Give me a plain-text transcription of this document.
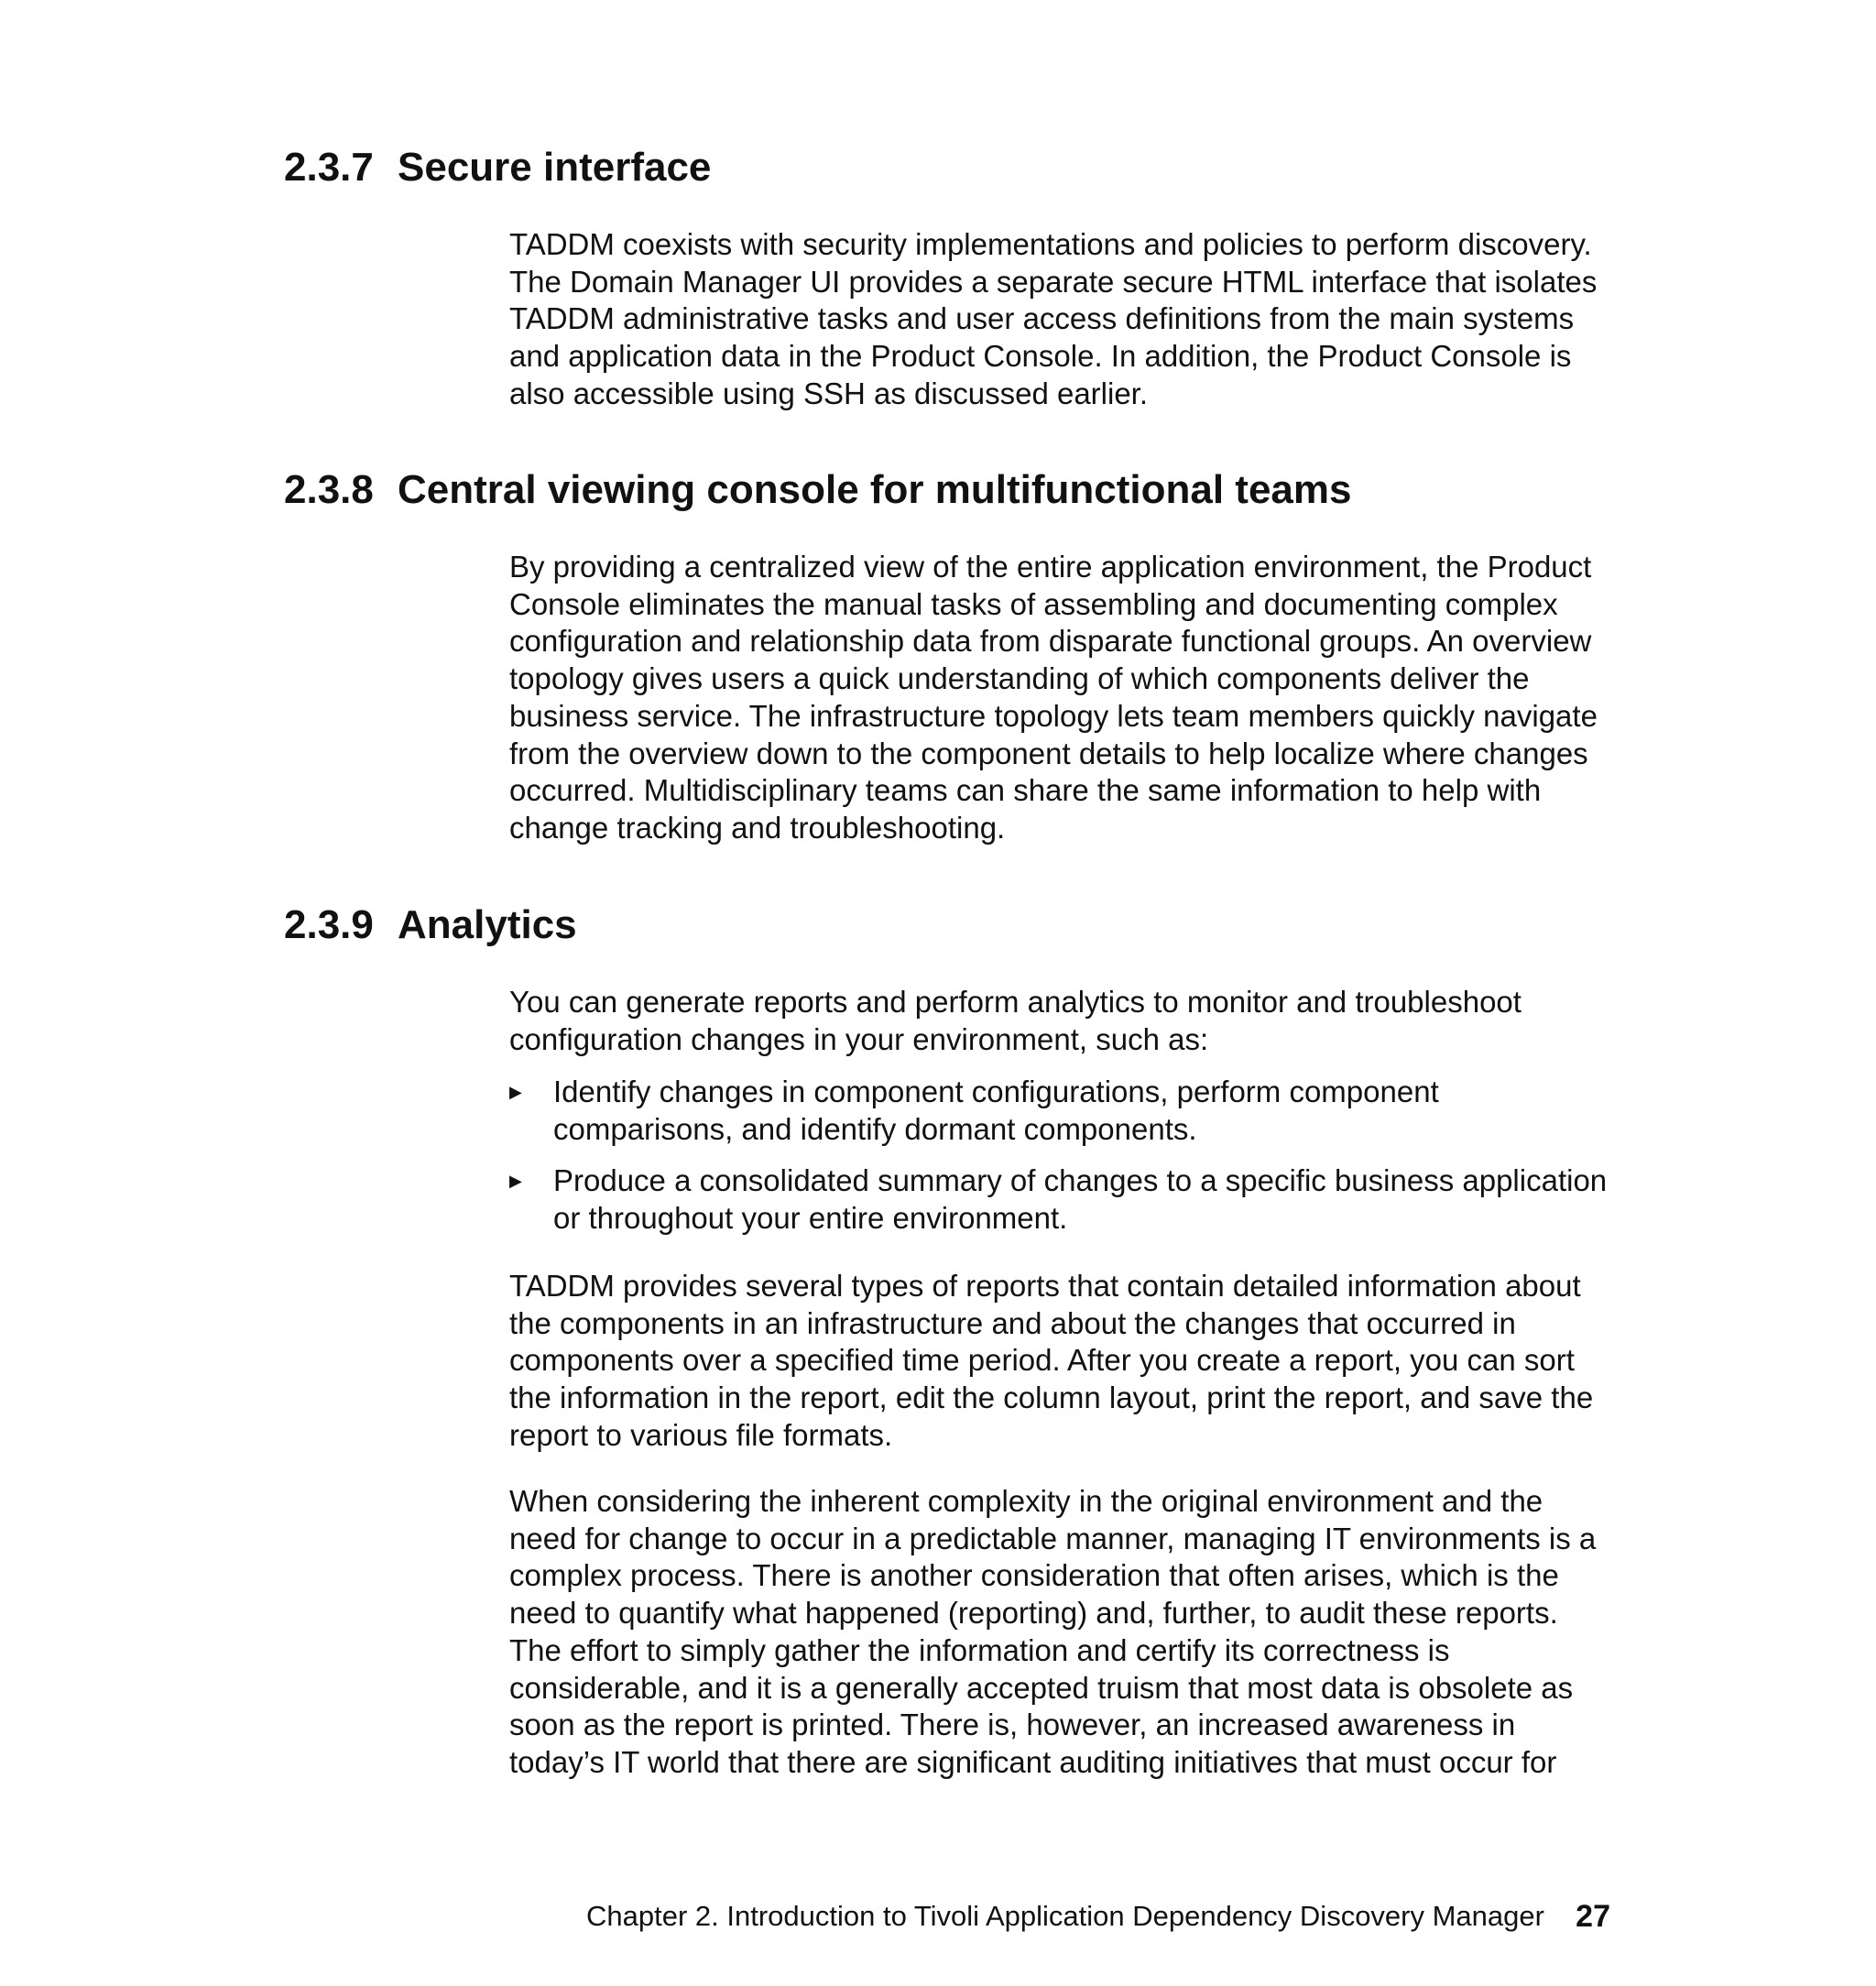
2.3.7 Secure interface

TADDM coexists with security implementations and policies to perform discovery. The Domain Manager UI provides a separate secure HTML interface that isolates TADDM administrative tasks and user access definitions from the main systems and application data in the Product Console. In addition, the Product Console is also accessible using SSH as discussed earlier.

2.3.8 Central viewing console for multifunctional teams

By providing a centralized view of the entire application environment, the Product Console eliminates the manual tasks of assembling and documenting complex configuration and relationship data from disparate functional groups. An overview topology gives users a quick understanding of which components deliver the business service. The infrastructure topology lets team members quickly navigate from the overview down to the component details to help localize where changes occurred. Multidisciplinary teams can share the same information to help with change tracking and troubleshooting.

2.3.9 Analytics

You can generate reports and perform analytics to monitor and troubleshoot configuration changes in your environment, such as:

▶ Identify changes in component configurations, perform component comparisons, and identify dormant components.
▶ Produce a consolidated summary of changes to a specific business application or throughout your entire environment.

TADDM provides several types of reports that contain detailed information about the components in an infrastructure and about the changes that occurred in components over a specified time period. After you create a report, you can sort the information in the report, edit the column layout, print the report, and save the report to various file formats.

When considering the inherent complexity in the original environment and the need for change to occur in a predictable manner, managing IT environments is a complex process. There is another consideration that often arises, which is the need to quantify what happened (reporting) and, further, to audit these reports. The effort to simply gather the information and certify its correctness is considerable, and it is a generally accepted truism that most data is obsolete as soon as the report is printed. There is, however, an increased awareness in today’s IT world that there are significant auditing initiatives that must occur for

Chapter 2. Introduction to Tivoli Application Dependency Discovery Manager 27
